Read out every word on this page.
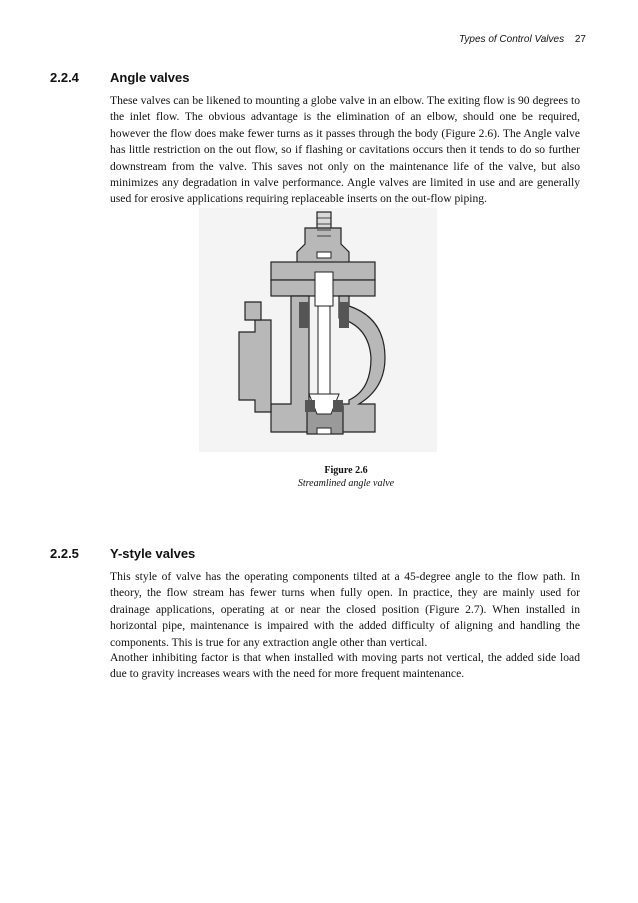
Types of Control Valves 27
2.2.4 Angle valves

These valves can be likened to mounting a globe valve in an elbow. The exiting flow is 90 degrees to the inlet flow. The obvious advantage is the elimination of an elbow, should one be required, however the flow does make fewer turns as it passes through the body (Figure 2.6). The Angle valve has little restriction on the out flow, so if flashing or cavitations occurs then it tends to do so further downstream from the valve. This saves not only on the maintenance life of the valve, but also minimizes any degradation in valve performance. Angle valves are limited in use and are generally used for erosive applications requiring replaceable inserts on the out-flow piping.

Figure 2.6
Streamlined angle valve
2.2.5 Y-style valves

This style of valve has the operating components tilted at a 45-degree angle to the flow path. In theory, the flow stream has fewer turns when fully open. In practice, they are mainly used for drainage applications, operating at or near the closed position (Figure 2.7). When installed in horizontal pipe, maintenance is impaired with the added difficulty of aligning and handling the components. This is true for any extraction angle other than vertical.

Another inhibiting factor is that when installed with moving parts not vertical, the added side load due to gravity increases wears with the need for more frequent maintenance.
